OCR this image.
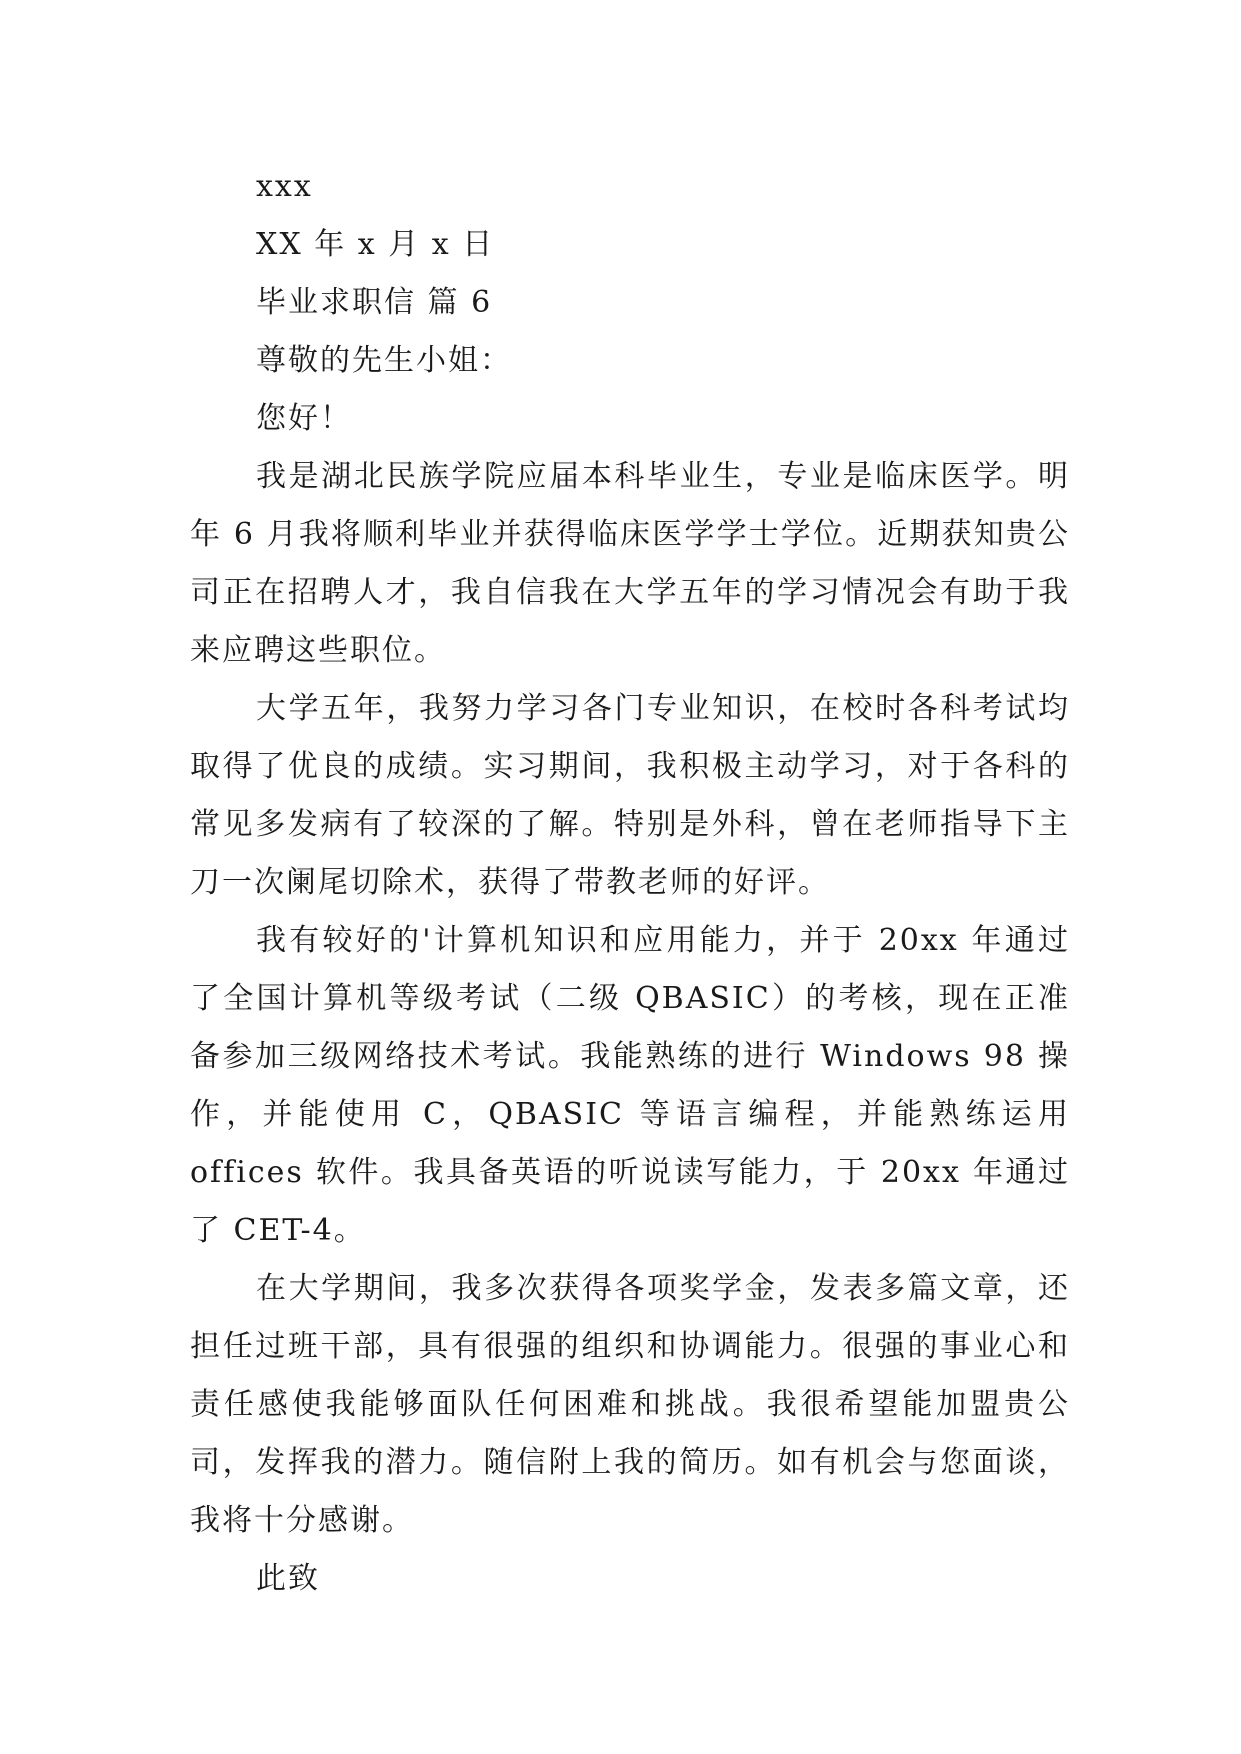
xxx

XX 年 x 月 x 日

毕业求职信 篇 6

尊敬的先生小姐：

您好！

我是湖北民族学院应届本科毕业生，专业是临床医学。明年 6 月我将顺利毕业并获得临床医学学士学位。近期获知贵公司正在招聘人才，我自信我在大学五年的学习情况会有助于我来应聘这些职位。

大学五年，我努力学习各门专业知识，在校时各科考试均取得了优良的成绩。实习期间，我积极主动学习，对于各科的常见多发病有了较深的了解。特别是外科，曾在老师指导下主刀一次阑尾切除术，获得了带教老师的好评。

我有较好的'计算机知识和应用能力，并于 20xx 年通过了全国计算机等级考试（二级 QBASIC）的考核，现在正准备参加三级网络技术考试。我能熟练的进行 Windows 98 操作，并能使用 C，QBASIC 等语言编程，并能熟练运用 offices 软件。我具备英语的听说读写能力，于 20xx 年通过了 CET-4。

在大学期间，我多次获得各项奖学金，发表多篇文章，还担任过班干部，具有很强的组织和协调能力。很强的事业心和责任感使我能够面队任何困难和挑战。我很希望能加盟贵公司，发挥我的潜力。随信附上我的简历。如有机会与您面谈，我将十分感谢。

此致
